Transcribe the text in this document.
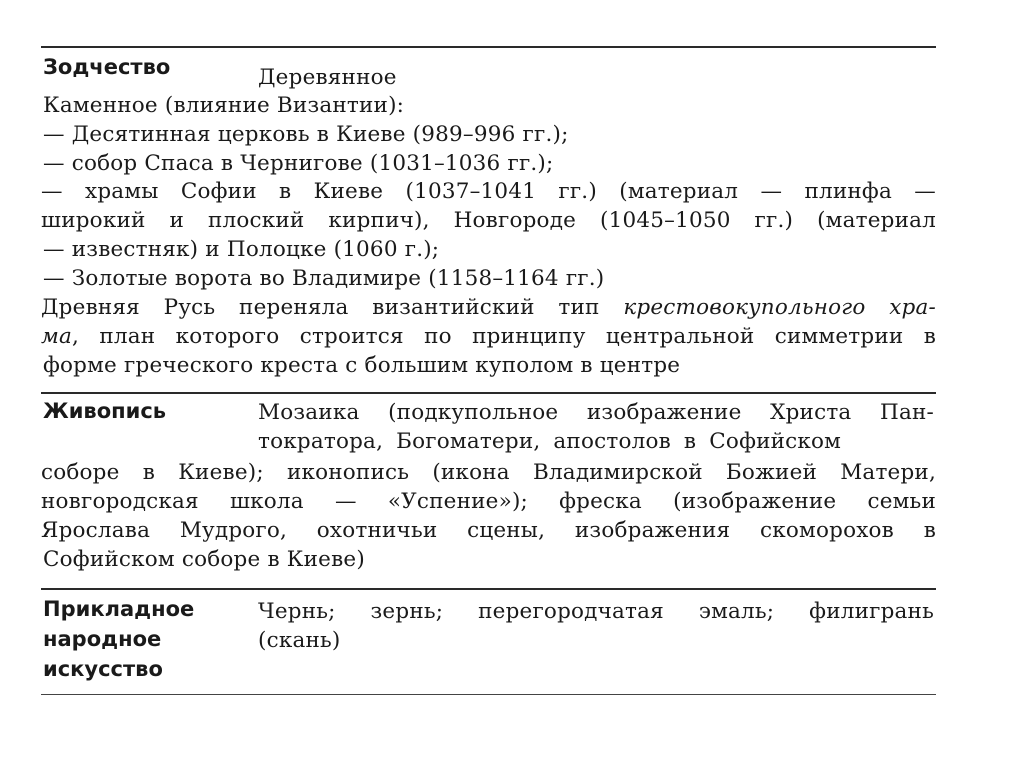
Зодчество	Деревянное
Каменное (влияние Византии):
— Десятинная церковь в Киеве (989–996 гг.);
— собор Спаса в Чернигове (1031–1036 гг.);
— храмы Софии в Киеве (1037–1041 гг.) (материал — плинфа —
широкий и плоский кирпич), Новгороде (1045–1050 гг.) (материал
— известняк) и Полоцке (1060 г.);
— Золотые ворота во Владимире (1158–1164 гг.)
Древняя Русь переняла византийский тип крестовокупольного хра-
ма, план которого строится по принципу центральной симметрии в
форме греческого креста с большим куполом в центре
Живопись	Мозаика (подкупольное изображение Христа Пан-
тократора, Богоматери, апостолов в Софийском
соборе в Киеве); иконопись (икона Владимирской Божией Матери,
новгородская школа — «Успение»); фреска (изображение семьи
Ярослава Мудрого, охотничьи сцены, изображения скоморохов в
Софийском соборе в Киеве)
Прикладное
народное
искусство
Чернь; зернь; перегородчатая эмаль; филигрань
(скань)
